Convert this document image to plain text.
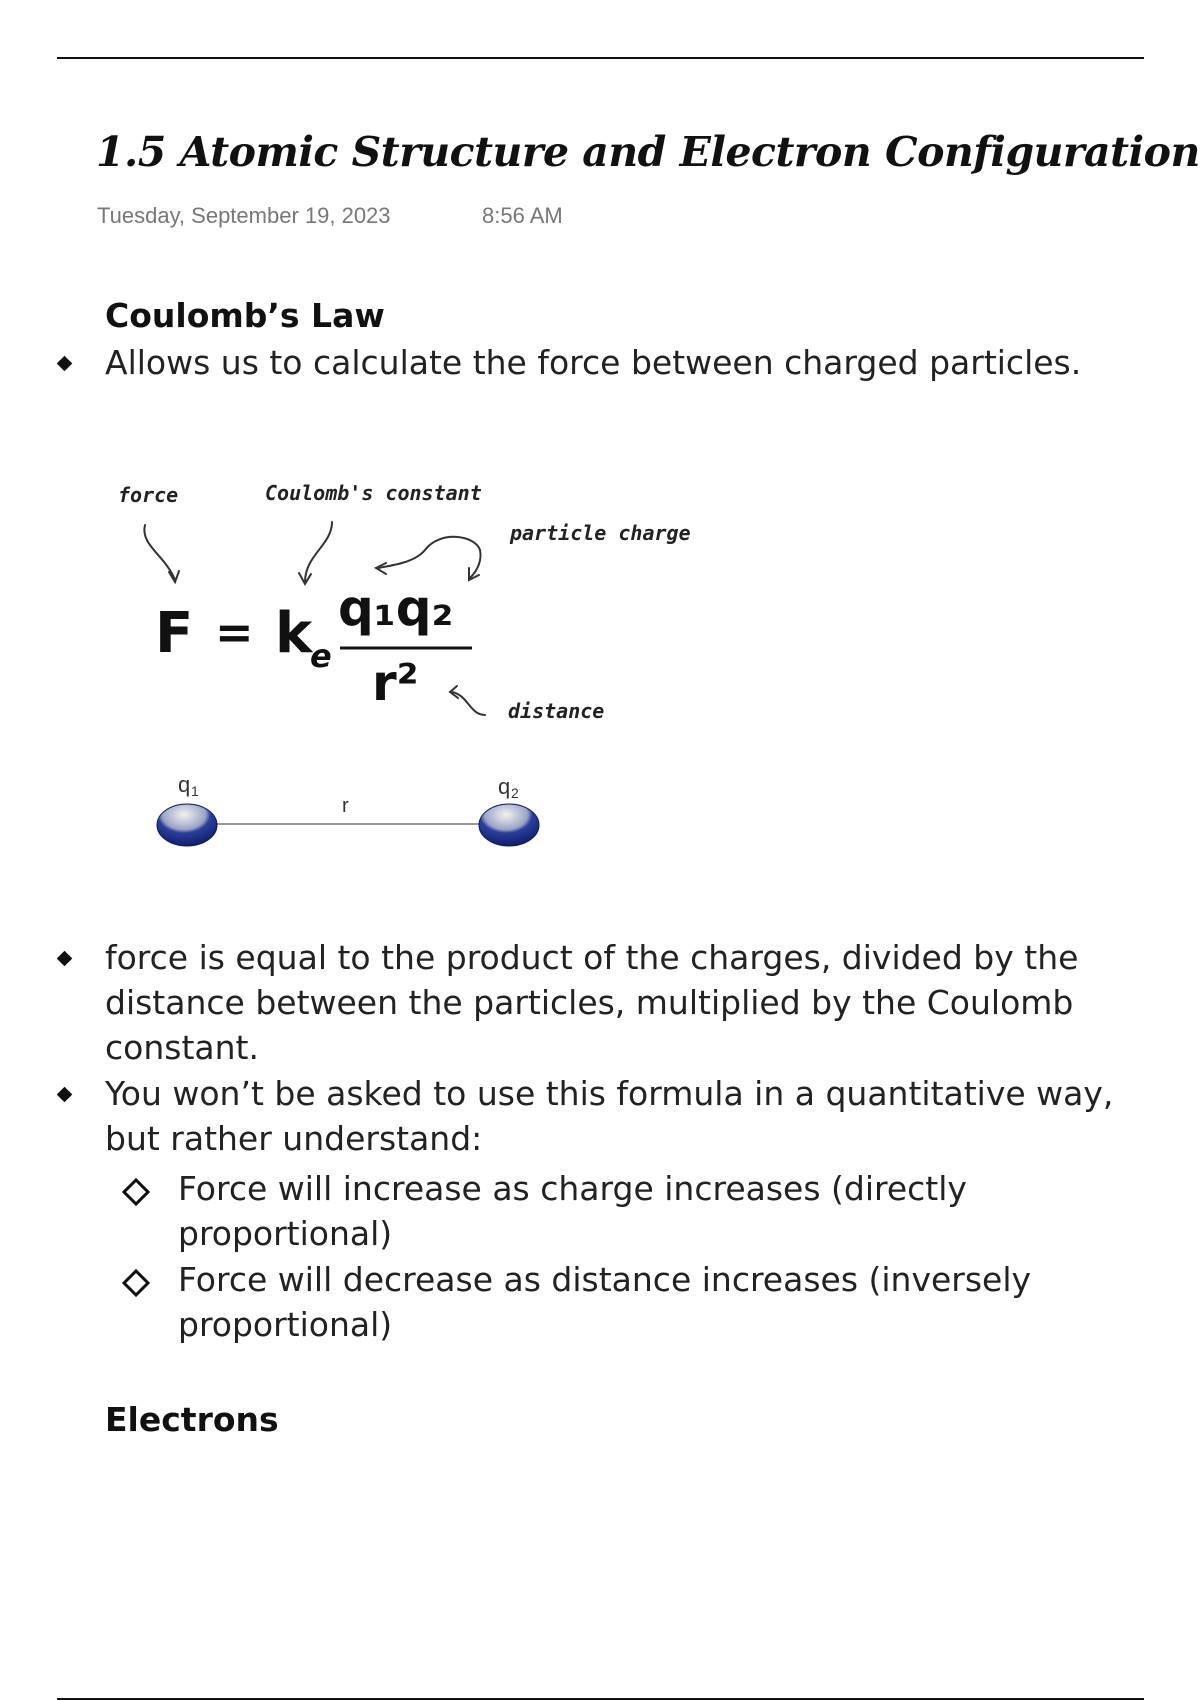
1.5 Atomic Structure and Electron Configuration
Tuesday, September 19, 2023	8:56 AM
Coulomb’s Law

Allows us to calculate the force between charged particles.

force	Coulomb's constant
particle charge
distance
F = k
e
q₁q₂
r²
q 1
r
q 2

force is equal to the product of the charges, divided by the distance between the particles, multiplied by the Coulomb constant.

You won’t be asked to use this formula in a quantitative way, but rather understand:

Force will increase as charge increases (directly proportional)

Force will decrease as distance increases (inversely proportional)

Electrons
